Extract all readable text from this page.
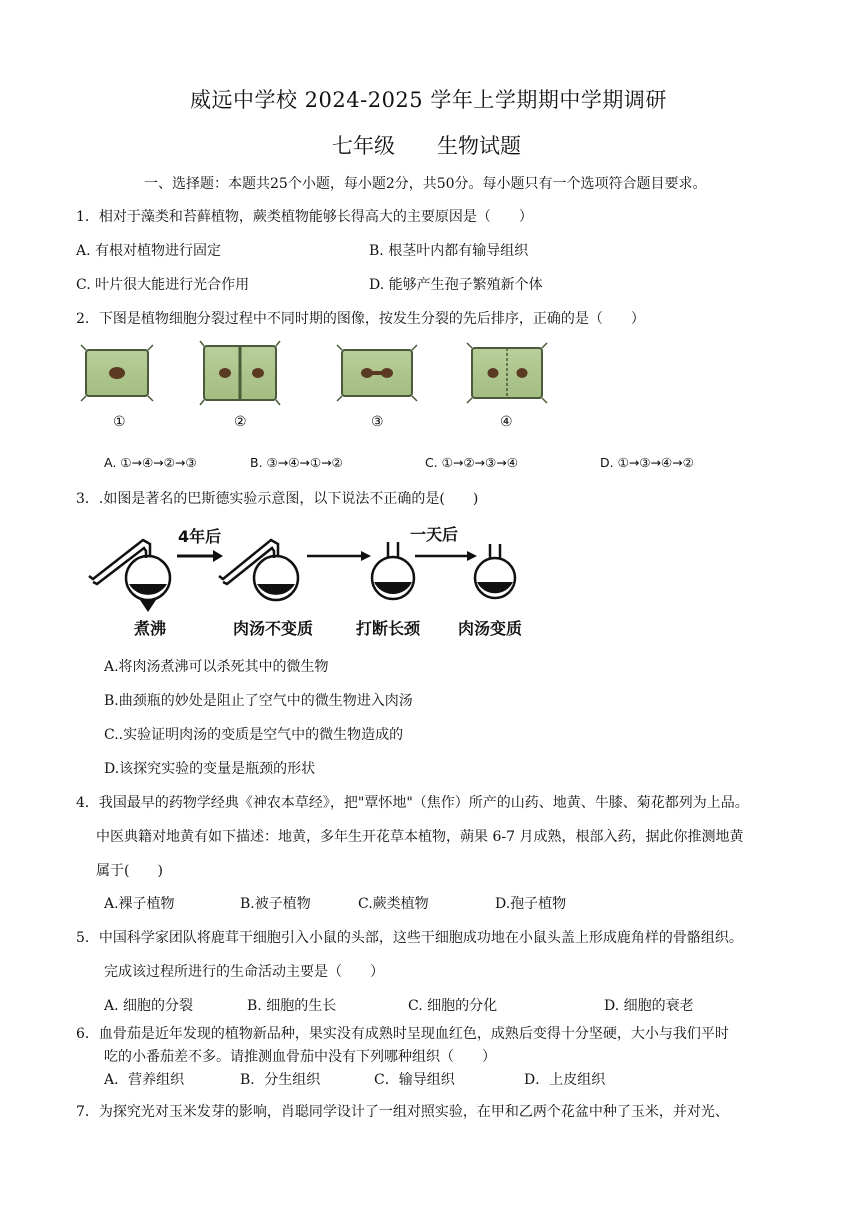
威远中学校 2024-2025 学年上学期期中学期调研
七年级 生物试题
一、选择题：本题共25个小题，每小题2分，共50分。每小题只有一个选项符合题目要求。
1．相对于藻类和苔藓植物，蕨类植物能够长得高大的主要原因是（　　）
A. 有根对植物进行固定	B. 根茎叶内都有输导组织
C. 叶片很大能进行光合作用	D. 能够产生孢子繁殖新个体
2．下图是植物细胞分裂过程中不同时期的图像，按发生分裂的先后排序，正确的是（　　）
①	②	③	④
A. ①→④→②→③	B. ③→④→①→②	C. ①→②→③→④	D. ①→③→④→②
3．.如图是著名的巴斯德实验示意图，以下说法不正确的是(　　)
4年后	一天后
煮沸	肉汤不变质	打断长颈 肉汤变质
A.将肉汤煮沸可以杀死其中的微生物
B.曲颈瓶的妙处是阻止了空气中的微生物进入肉汤
C..实验证明肉汤的变质是空气中的微生物造成的
D.该探究实验的变量是瓶颈的形状
4．我国最早的药物学经典《神农本草经》，把"覃怀地"（焦作）所产的山药、地黄、牛膝、菊花都列为上品。
中医典籍对地黄有如下描述：地黄，多年生开花草本植物，蒴果 6-7 月成熟，根部入药，据此你推测地黄
属于(　　)
A.裸子植物	B.被子植物	C.蕨类植物	D.孢子植物
5．中国科学家团队将鹿茸干细胞引入小鼠的头部，这些干细胞成功地在小鼠头盖上形成鹿角样的骨骼组织。
完成该过程所进行的生命活动主要是（　　）
A. 细胞的分裂	B. 细胞的生长	C. 细胞的分化	D. 细胞的衰老
6．血骨茄是近年发现的植物新品种，果实没有成熟时呈现血红色，成熟后变得十分坚硬，大小与我们平时
吃的小番茄差不多。请推测血骨茄中没有下列哪种组织（　　）
A．营养组织	B．分生组织	C．输导组织	D．上皮组织
7．为探究光对玉米发芽的影响，肖聪同学设计了一组对照实验，在甲和乙两个花盆中种了玉米，并对光、
